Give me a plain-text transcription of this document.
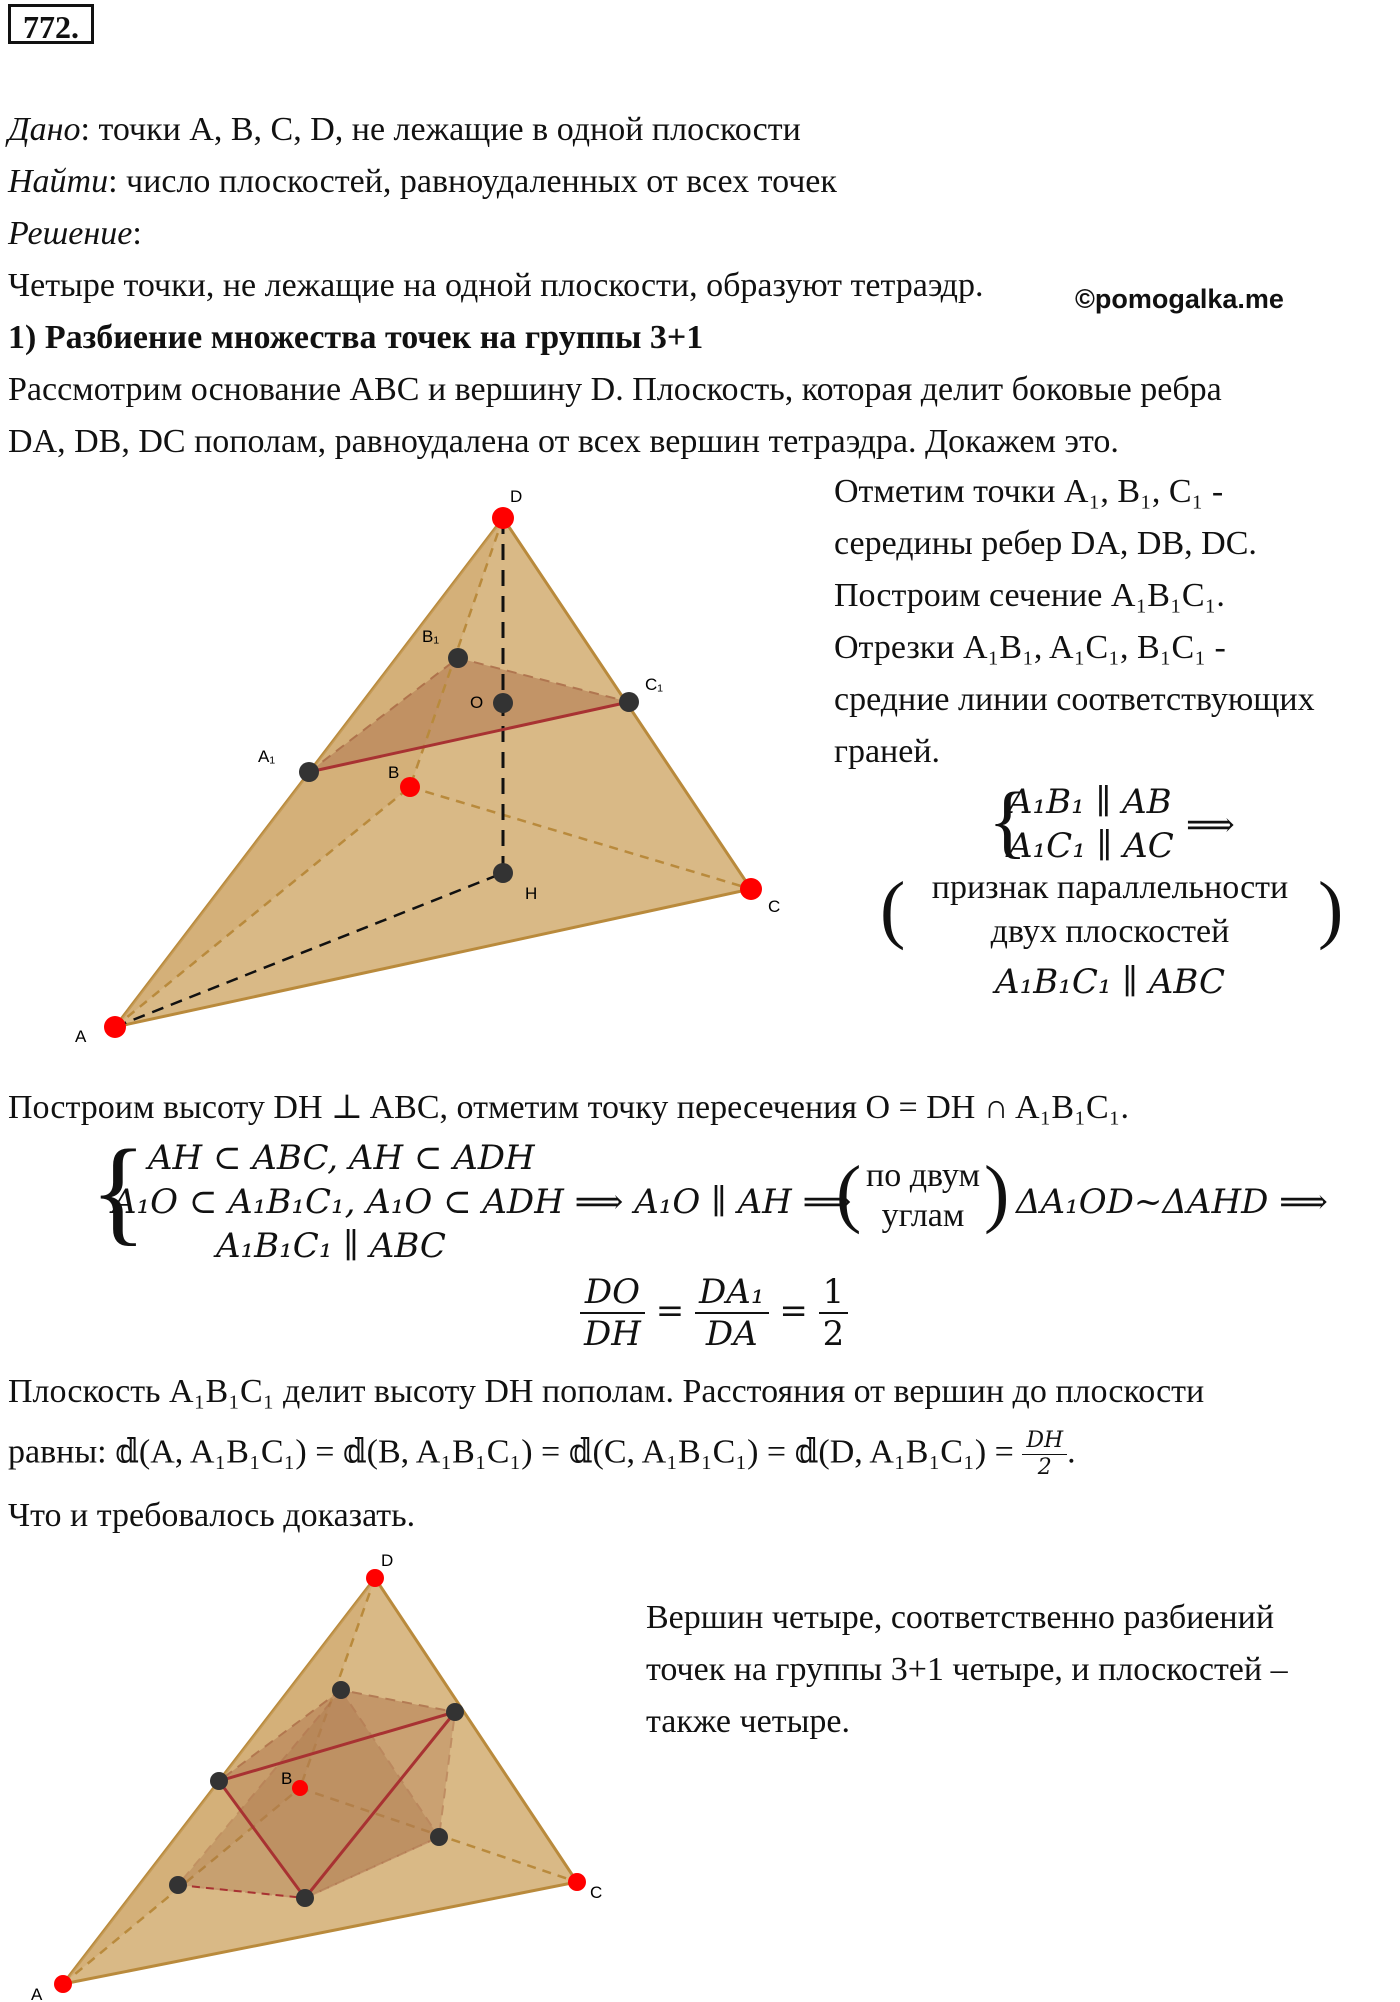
772.
Дано: точки A, B, C, D, не лежащие в одной плоскости
Найти: число плоскостей, равноудаленных от всех точек
Решение:
Четыре точки, не лежащие на одной плоскости, образуют тетраэдр.	©pomogalka.me
1) Разбиение множества точек на группы 3+1
Рассмотрим основание ABC и вершину D. Плоскость, которая делит боковые ребра
DA, DB, DC пополам, равноудалена от всех вершин тетраэдра. Докажем это.
D
A
C
B
A₁
B₁
C₁
O
H
Отметим точки A₁, B₁, C₁ -
середины ребер DA, DB, DC.
Построим сечение A₁B₁C₁.
Отрезки A₁B₁, A₁C₁, B₁C₁ -
средние линии соответствующих
граней.
{
A₁B₁ ∥ AB
A₁C₁ ∥ AC
⟹
( признак параллельности
двух плоскостей	)
A₁B₁C₁ ∥ ABC
Построим высоту DH ⊥ ABC, отметим точку пересечения O = DH ∩ A₁B₁C₁.
{ AH ⊂ ABC, AH ⊂ ADH
A₁O ⊂ A₁B₁C₁, A₁O ⊂ ADH ⟹ A₁O ∥ AH ⟹
A₁B₁C₁ ∥ ABC
( по двум
углам ) ΔA₁OD~ΔAHD ⟹
$\frac{DO}{DH} = \frac{\text{DA₁}}{DA} = \frac{1}{2}$
Плоскость A₁B₁C₁ делит высоту DH пополам. Расстояния от вершин до плоскости
равны: 𝕕(A, A₁B₁C₁) = 𝕕(B, A₁B₁C₁) = 𝕕(C, A₁B₁C₁) = 𝕕(D, $A_1B_1C_1) = \frac{DH}{2}$ .
Что и требовалось доказать.
D
A
C
B
Вершин четыре, соответственно разбиений
точек на группы 3+1 четыре, и плоскостей –
также четыре.
